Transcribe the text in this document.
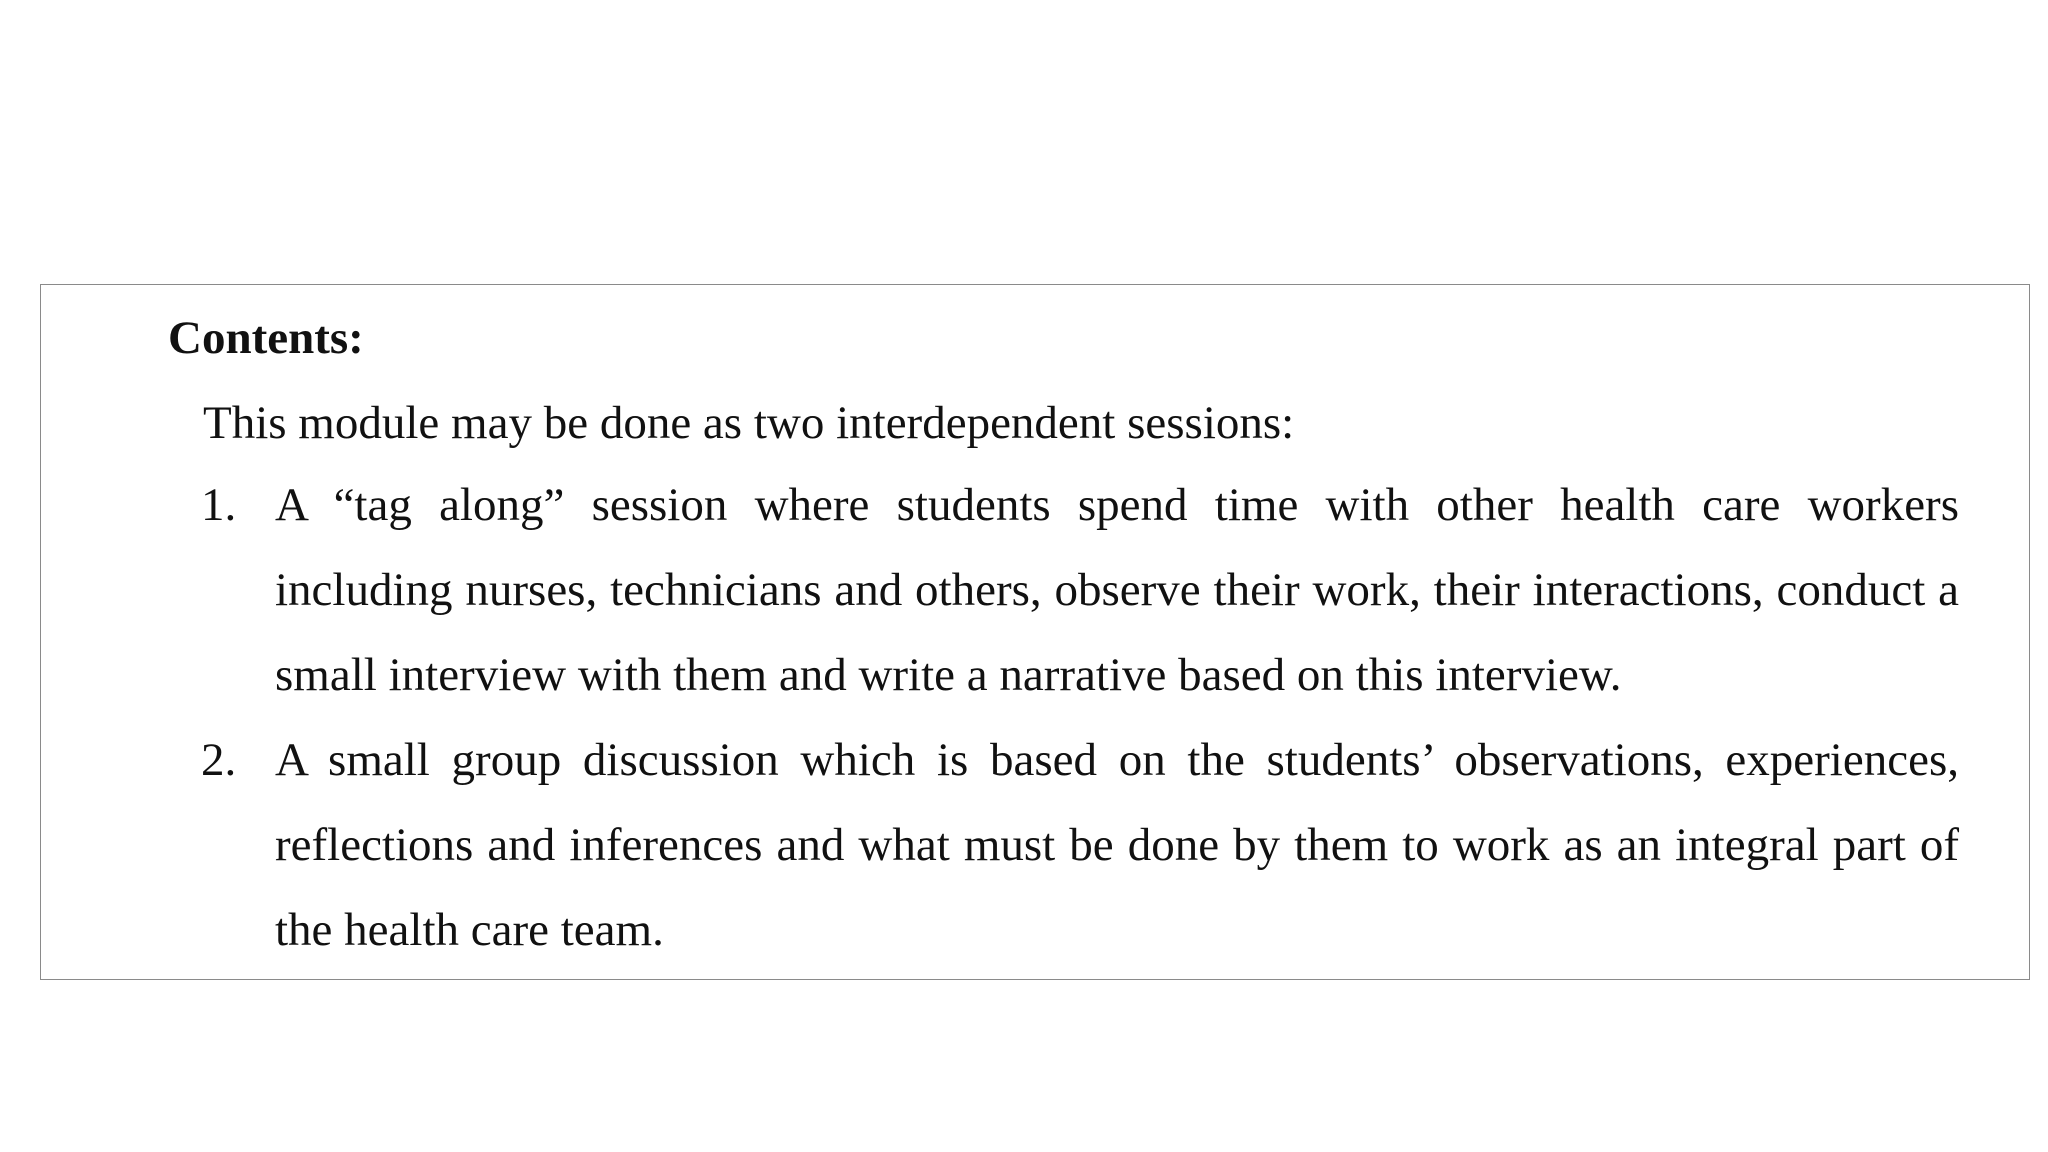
Contents:

This module may be done as two interdependent sessions:

1. A “tag along” session where students spend time with other health care workers including nurses, technicians and others, observe their work, their interactions, conduct a small interview with them and write a narrative based on this interview.
2. A small group discussion which is based on the students’ observations, experiences, reflections and inferences and what must be done by them to work as an integral part of the health care team.
